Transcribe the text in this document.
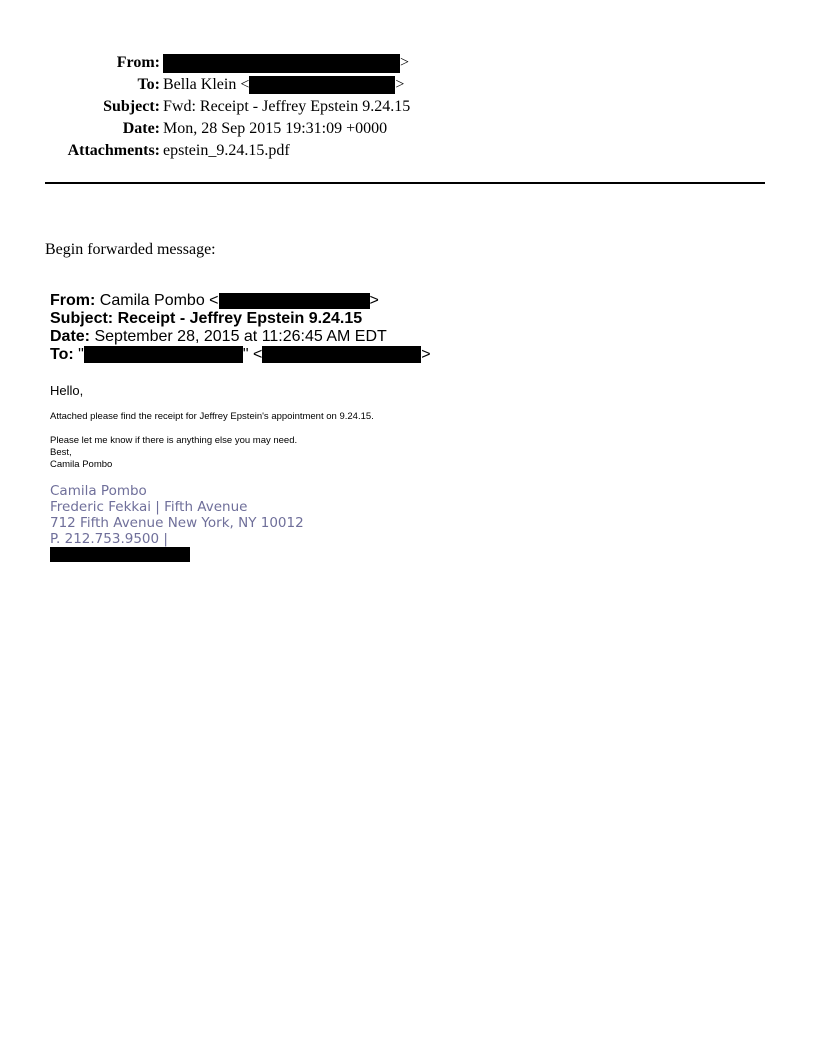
From:	>
To: Bella Klein <	>
Subject: Fwd: Receipt - Jeffrey Epstein 9.24.15
Date: Mon, 28 Sep 2015 19:31:09 +0000
Attachments: epstein_9.24.15.pdf
Begin forwarded message:
From: Camila Pombo <	>
Subject: Receipt - Jeffrey Epstein 9.24.15
Date: September 28, 2015 at 11:26:45 AM EDT
To: "	" <	>
Hello,
Attached please find the receipt for Jeffrey Epstein's appointment on 9.24.15.
Please let me know if there is anything else you may need.
Best,
Camila Pombo
Camila Pombo
Frederic Fekkai | Fifth Avenue
712 Fifth Avenue New York, NY 10012
P. 212.753.9500 |
